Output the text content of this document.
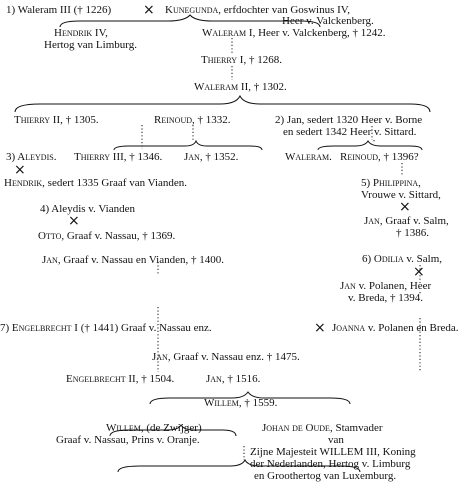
1) Waleram III († 1226) × Kunegunda, erfdochter van Goswinus IV,
Heer v. Valckenberg.
Hendrik IV,
Hertog van Limburg.
Waleram I, Heer v. Valckenberg, † 1242.
Thierry I, † 1268.
Waleram II, † 1302.
Thierry II, † 1305.	Reinoud, † 1332.	2) Jan, sedert 1320 Heer v. Borne
en sedert 1342 Heer v. Sittard.
3) Aleydis. Thierry III, † 1346. Jan, † 1352.	Waleram. Reinoud, † 1396?
×
Hendrik, sedert 1335 Graaf van Vianden.	5) Philippina,
Vrouwe v. Sittard,
4) Aleydis v. Vianden	×
Jan, Graaf v. Salm,
† 1386.
×
Otto, Graaf v. Nassau, † 1369.
6) Odilia v. Salm,
×
Jan, Graaf v. Nassau en Vianden, † 1400.
Jan v. Polanen, Heer
v. Breda, † 1394.
7) Engelbrecht I († 1441) Graaf v. Nassau enz.	× Joanna v. Polanen en Breda.
Jan, Graaf v. Nassau enz. † 1475.
Engelbrecht II, † 1504.	Jan, † 1516.
Willem, † 1559.
Willem, (de Zwijger)
Graaf v. Nassau, Prins v. Oranje.
Johan de Oude, Stamvader
van
Zijne Majesteit WILLEM III, Koning
der Nederlanden, Hertog v. Limburg
en Groothertog van Luxemburg.
